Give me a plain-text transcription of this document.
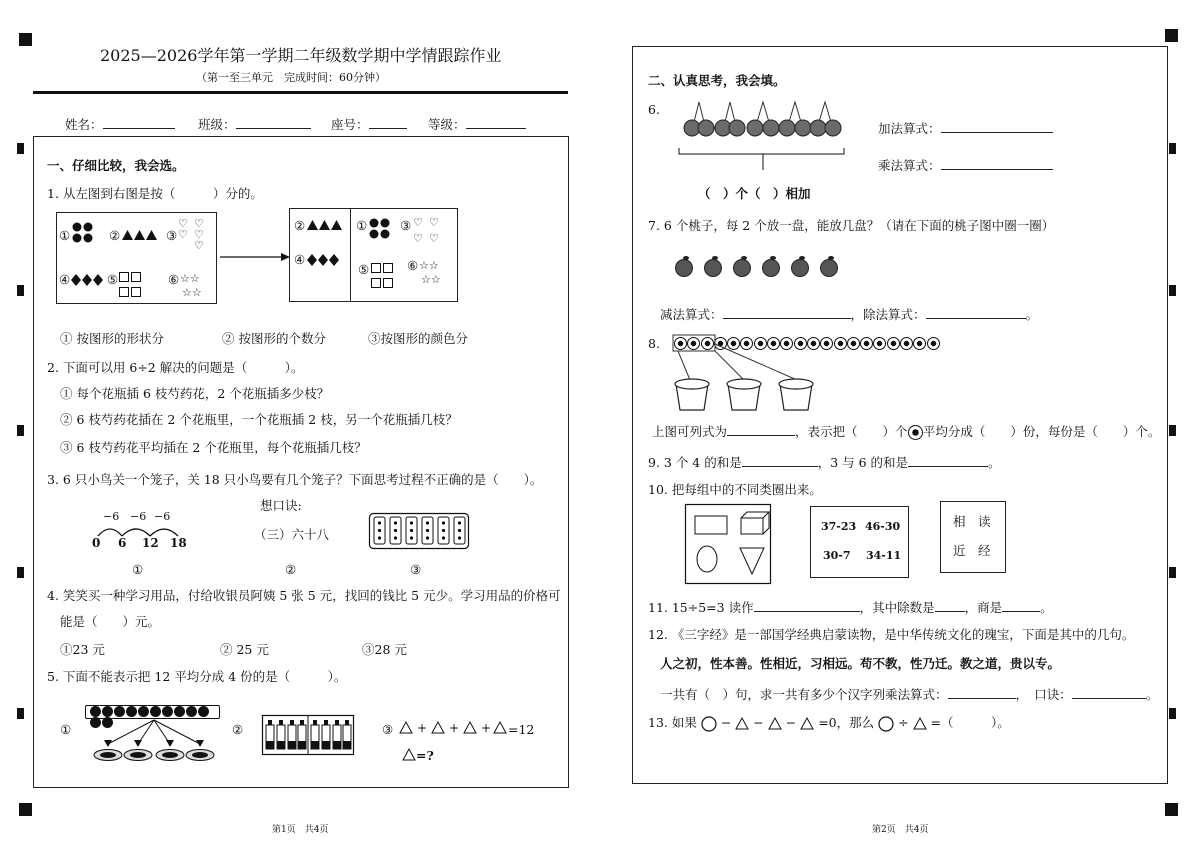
2025—2026学年第一学期二年级数学期中学情跟踪作业
（第一至三单元　完成时间：60分钟）
姓名：	班级：	座号：	等级：
一、仔细比较，我会选。
1. 从左图到右图是按（　　　）分的。
①	②	③
♡ ♡
♡ ♡
♡
④	⑤	⑥ ☆☆
☆☆
②
④
①	③ ♡ ♡
♡ ♡
⑤	⑥ ☆☆
☆☆
① 按图形的形状分	② 按图形的个数分	③按图形的颜色分
2. 下面可以用 6÷2 解决的问题是（　　　）。
① 每个花瓶插 6 枝芍药花，2 个花瓶插多少枝？
② 6 枝芍药花插在 2 个花瓶里，一个花瓶插 2 枝，另一个花瓶插几枝？
③ 6 枝芍药花平均插在 2 个花瓶里，每个花瓶插几枝？
3. 6 只小鸟关一个笼子，关 18 只小鸟要有几个笼子？下面思考过程不正确的是（　　）。
−6 −6 −6
0 6 12 18
想口诀:
（三）六十八
①	②	③
4. 笑笑买一种学习用品，付给收银员阿姨 5 张 5 元，找回的钱比 5 元少。学习用品的价格可
能是（　　）元。
①23 元	② 25 元	③28 元
5. 下面不能表示把 12 平均分成 4 份的是（　　　）。
①	②	③ + + + =12
=?
第1页　共4页
二、认真思考，我会填。
6.
加法算式：
乘法算式：
（　）个（　）相加
7. 6 个桃子，每 2 个放一盘，能放几盘？（请在下面的桃子图中圈一圈）
减法算式：	，除法算式：	。
8.
上图可列式为	，表示把（　　）个 平均分成（　　）份，每份是（　　）个。
9. 3 个 4 的和是	，3 与 6 的和是	。
10. 把每组中的不同类圈出来。
37-23 46-30
30-7 34-11
相 读
近 经
11. 15÷5=3 读作	，其中除数是 ，商是	。
12. 《三字经》是一部国学经典启蒙读物，是中华传统文化的瑰宝，下面是其中的几句。
人之初，性本善。性相近，习相远。苟不教，性乃迁。教之道，贵以专。
一共有（　）句，求一共有多少个汉字列乘法算式：	，　口诀：	。
13. 如果 − − − =0，那么 ÷ =（　　　）。
第2页　共4页
